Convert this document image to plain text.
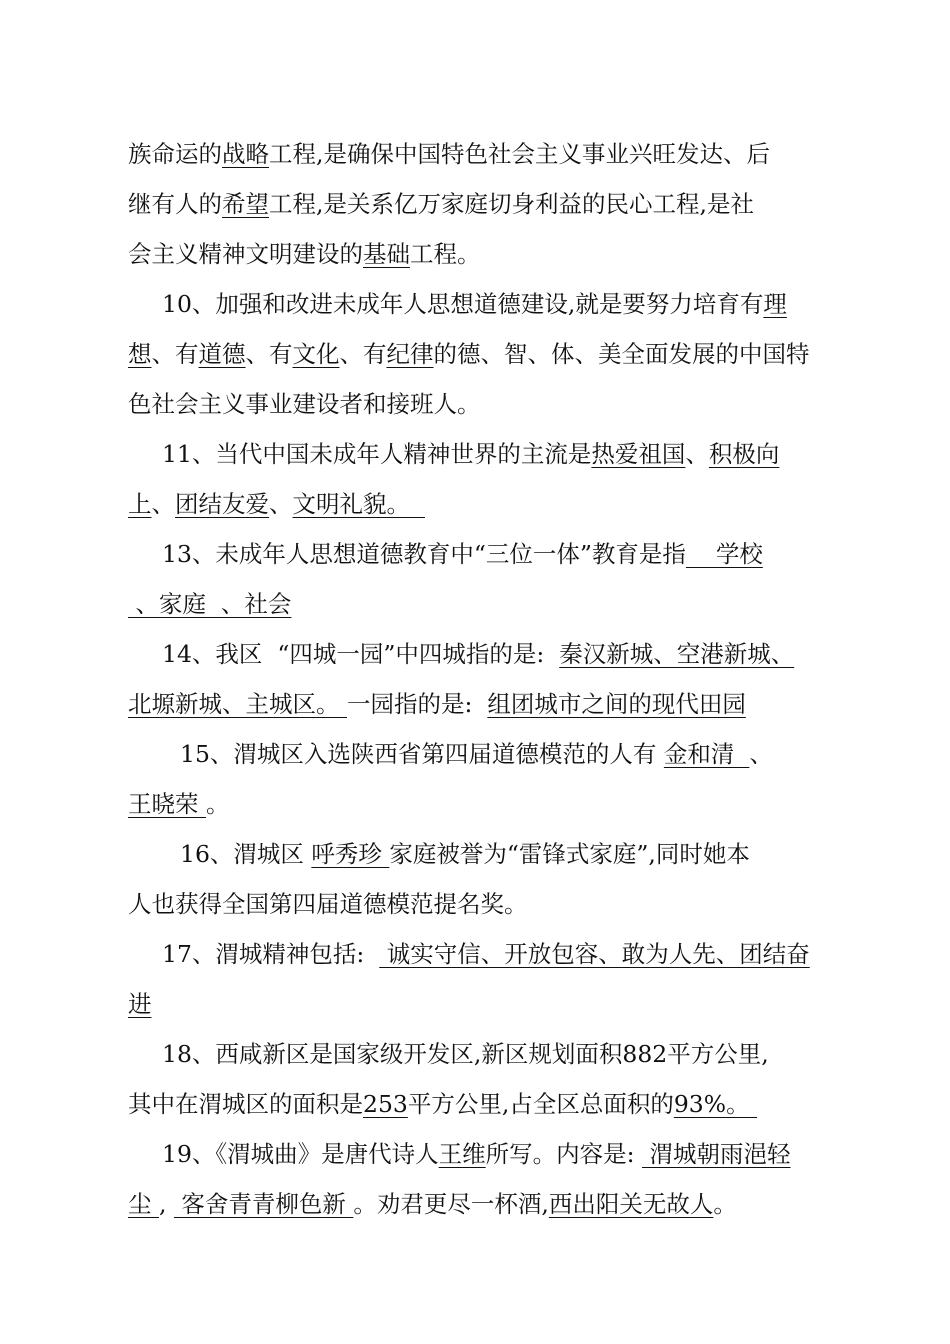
族命运的战略工程,是确保中国特色社会主义事业兴旺发达、后
继有人的希望工程,是关系亿万家庭切身利益的民心工程,是社
会主义精神文明建设的基础工程。
10、加强和改进未成年人思想道德建设,就是要努力培育有理
想、有道德、有文化、有纪律的德、智、体、美全面发展的中国特
色社会主义事业建设者和接班人。
11、当代中国未成年人精神世界的主流是热爱祖国、积极向
上、团结友爱、文明礼貌。
13、未成年人思想道德教育中“三位一体”教育是指    学校
、家庭  、社会
14、我区  “四城一园”中四城指的是:  秦汉新城、空港新城、
北塬新城、主城区。 一园指的是:  组团城市之间的现代田园
15、渭城区入选陕西省第四届道德模范的人有 金和清  、
王晓荣 。
16、渭城区 呼秀珍 家庭被誉为“雷锋式家庭”,同时她本
人也获得全国第四届道德模范提名奖。
17、渭城精神包括:   诚实守信、开放包容、敢为人先、团结奋
进
18、西咸新区是国家级开发区,新区规划面积882平方公里,
其中在渭城区的面积是253平方公里,占全区总面积的93%。
19、《渭城曲》是唐代诗人王维所写。内容是:  渭城朝雨浥轻
尘 ,  客舍青青柳色新 。劝君更尽一杯酒,西出阳关无故人。
